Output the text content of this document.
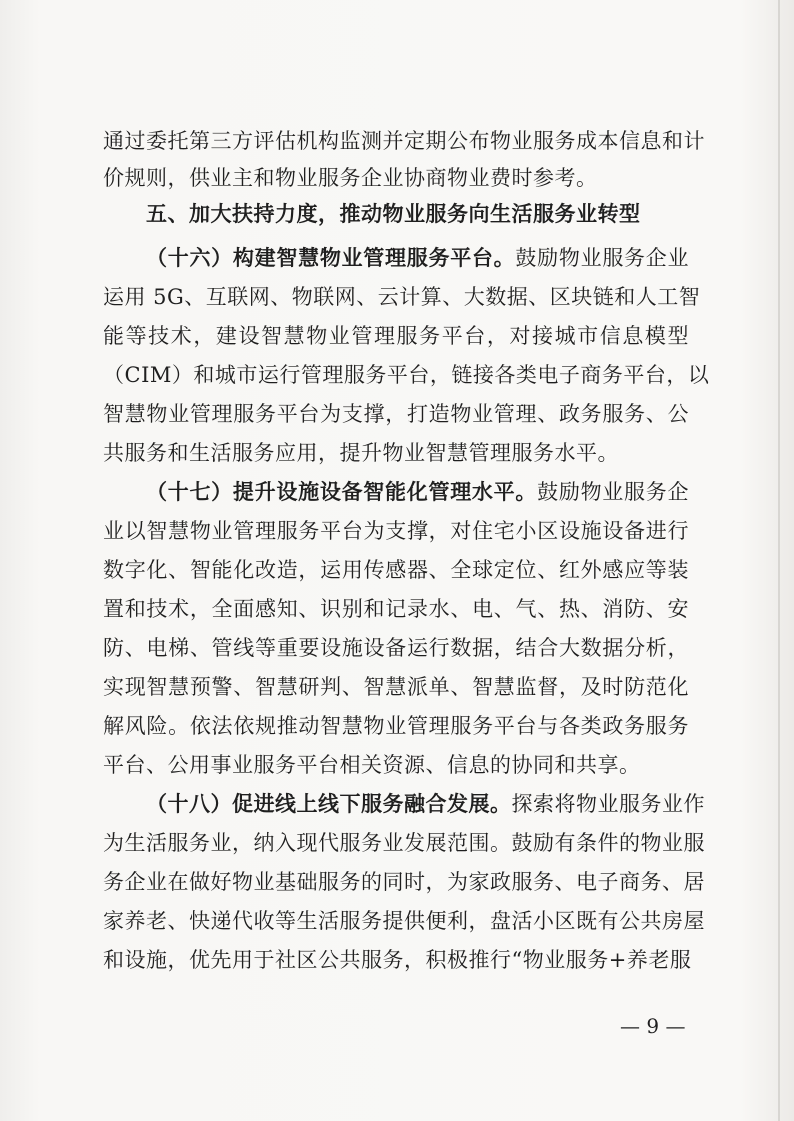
通过委托第三方评估机构监测并定期公布物业服务成本信息和计
价规则，供业主和物业服务企业协商物业费时参考。
五、加大扶持力度，推动物业服务向生活服务业转型
（十六）构建智慧物业管理服务平台。鼓励物业服务企业
运用 5G、互联网、物联网、云计算、大数据、区块链和人工智
能等技术，建设智慧物业管理服务平台，对接城市信息模型
（CIM）和城市运行管理服务平台，链接各类电子商务平台，以
智慧物业管理服务平台为支撑，打造物业管理、政务服务、公
共服务和生活服务应用，提升物业智慧管理服务水平。
（十七）提升设施设备智能化管理水平。鼓励物业服务企
业以智慧物业管理服务平台为支撑，对住宅小区设施设备进行
数字化、智能化改造，运用传感器、全球定位、红外感应等装
置和技术，全面感知、识别和记录水、电、气、热、消防、安
防、电梯、管线等重要设施设备运行数据，结合大数据分析，
实现智慧预警、智慧研判、智慧派单、智慧监督，及时防范化
解风险。依法依规推动智慧物业管理服务平台与各类政务服务
平台、公用事业服务平台相关资源、信息的协同和共享。
（十八）促进线上线下服务融合发展。探索将物业服务业作
为生活服务业，纳入现代服务业发展范围。鼓励有条件的物业服
务企业在做好物业基础服务的同时，为家政服务、电子商务、居
家养老、快递代收等生活服务提供便利，盘活小区既有公共房屋
和设施，优先用于社区公共服务，积极推行“物业服务+养老服
— 9 —
